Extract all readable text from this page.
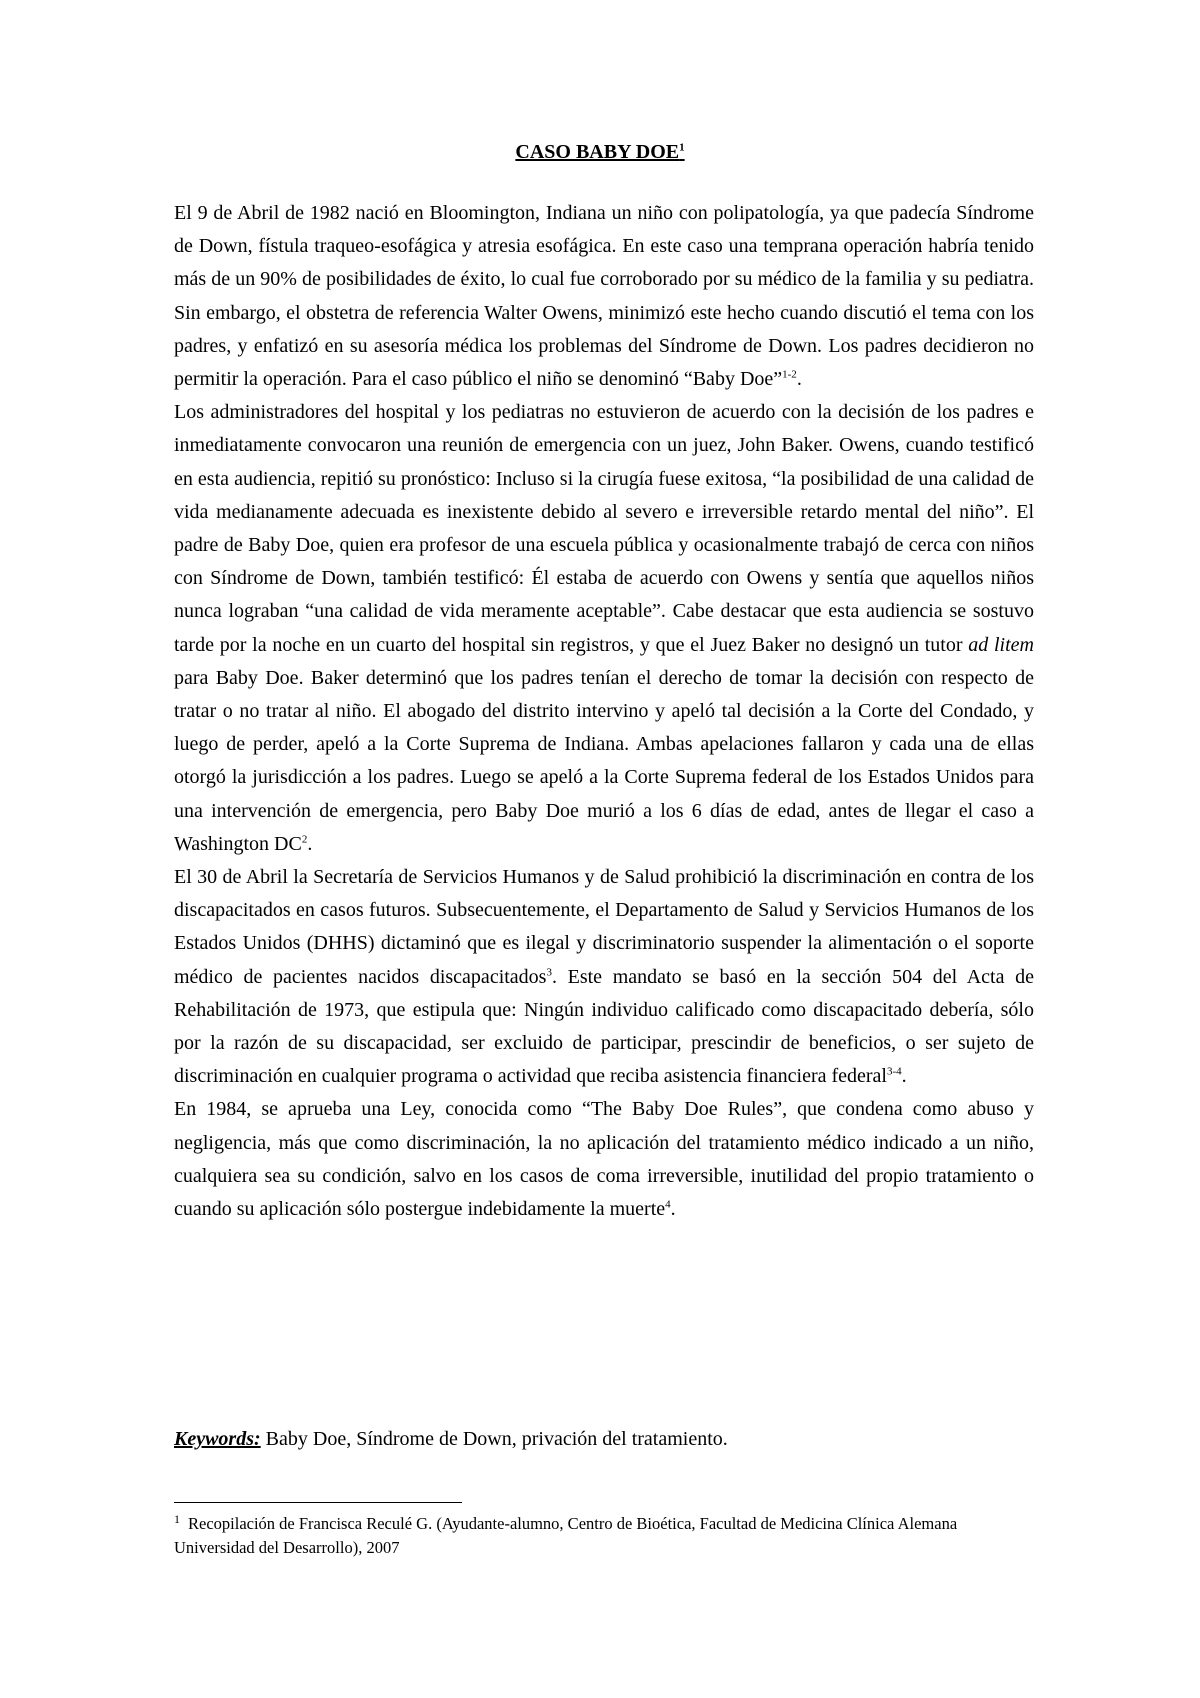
CASO BABY DOE$^1$

El 9 de Abril de 1982 nació en Bloomington, Indiana un niño con polipatología, ya que padecía Síndrome de Down, fístula traqueo-esofágica y atresia esofágica. En este caso una temprana operación habría tenido más de un 90% de posibilidades de éxito, lo cual fue corroborado por su médico de la familia y su pediatra. Sin embargo, el obstetra de referencia Walter Owens, minimizó este hecho cuando discutió el tema con los padres, y enfatizó en su asesoría médica los problemas del Síndrome de Down. Los padres decidieron no permitir la operación. Para el caso público el niño se denominó “Baby Doe”$^{1-2}$.

Los administradores del hospital y los pediatras no estuvieron de acuerdo con la decisión de los padres e inmediatamente convocaron una reunión de emergencia con un juez, John Baker. Owens, cuando testificó en esta audiencia, repitió su pronóstico: Incluso si la cirugía fuese exitosa, “la posibilidad de una calidad de vida medianamente adecuada es inexistente debido al severo e irreversible retardo mental del niño”. El padre de Baby Doe, quien era profesor de una escuela pública y ocasionalmente trabajó de cerca con niños con Síndrome de Down, también testificó: Él estaba de acuerdo con Owens y sentía que aquellos niños nunca lograban “una calidad de vida meramente aceptable”. Cabe destacar que esta audiencia se sostuvo tarde por la noche en un cuarto del hospital sin registros, y que el Juez Baker no designó un tutor ad litem para Baby Doe. Baker determinó que los padres tenían el derecho de tomar la decisión con respecto de tratar o no tratar al niño. El abogado del distrito intervino y apeló tal decisión a la Corte del Condado, y luego de perder, apeló a la Corte Suprema de Indiana. Ambas apelaciones fallaron y cada una de ellas otorgó la jurisdicción a los padres. Luego se apeló a la Corte Suprema federal de los Estados Unidos para una intervención de emergencia, pero Baby Doe murió a los 6 días de edad, antes de llegar el caso a Washington $DC^2$.

El 30 de Abril la Secretaría de Servicios Humanos y de Salud prohibició la discriminación en contra de los discapacitados en casos futuros. Subsecuentemente, el Departamento de Salud y Servicios Humanos de los Estados Unidos (DHHS) dictaminó que es ilegal y discriminatorio suspender la alimentación o el soporte médico de pacientes nacidos discapacitados$^3$. Este mandato se basó en la sección 504 del Acta de Rehabilitación de 1973, que estipula que: Ningún individuo calificado como discapacitado debería, sólo por la razón de su discapacidad, ser excluido de participar, prescindir de beneficios, o ser sujeto de discriminación en cualquier programa o actividad que reciba asistencia financiera federal$^{3-4}$.

En 1984, se aprueba una Ley, conocida como “The Baby Doe Rules”, que condena como abuso y negligencia, más que como discriminación, la no aplicación del tratamiento médico indicado a un niño, cualquiera sea su condición, salvo en los casos de coma irreversible, inutilidad del propio tratamiento o cuando su aplicación sólo postergue indebidamente la muerte$^4$.

Keywords: Baby Doe, Síndrome de Down, privación del tratamiento.
$^1$ Recopilación de Francisca Reculé G. (Ayudante-alumno, Centro de Bioética, Facultad de Medicina Clínica Alemana Universidad del Desarrollo), 2007
